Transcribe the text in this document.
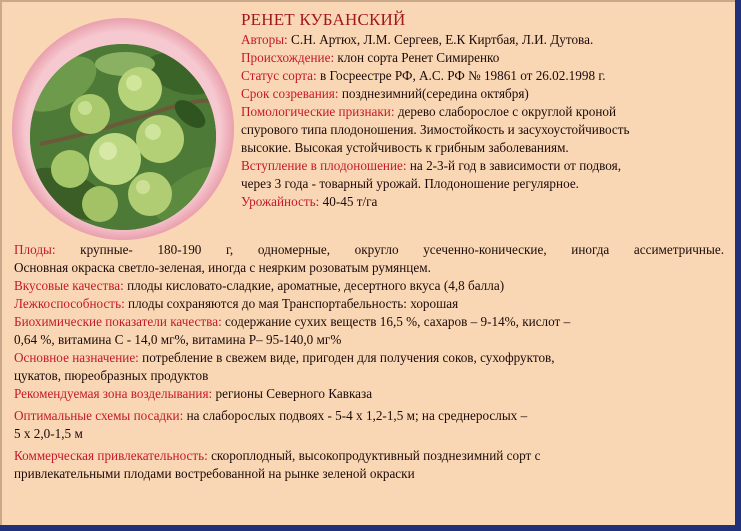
РЕНЕТ КУБАНСКИЙ
Авторы: С.Н. Артюх, Л.М. Сергеев, Е.К Киртбая, Л.И. Дутова.
Происхождение: клон сорта Ренет Симиренко
Статус сорта: в Госреестре РФ, А.С. РФ № 19861 от 26.02.1998 г.
Срок созревания: позднезимний(середина октября)
Помологические признаки: дерево слаборослое с округлой кроной
спурового типа плодоношения. Зимостойкость и засухоустойчивость
высокие. Высокая устойчивость к грибным заболеваниям.
Вступление в плодоношение: на 2-3-й год в зависимости от подвоя,
через 3 года - товарный урожай. Плодоношение регулярное.
Урожайность: 40-45 т/га
Плоды: крупные- 180-190 г, одномерные, округло усеченно-конические, иногда ассиметричные.
Основная окраска светло-зеленая, иногда с неярким розоватым румянцем.
Вкусовые качества: плоды кисловато-сладкие, ароматные, десертного вкуса (4,8 балла)
Лежкоспособность: плоды сохраняются до мая Транспортабельность: хорошая
Биохимические показатели качества: содержание сухих веществ 16,5 %, сахаров – 9-14%, кислот –
0,64 %, витамина С - 14,0 мг%, витамина Р– 95-140,0 мг%
Основное назначение: потребление в свежем виде, пригоден для получения соков, сухофруктов,
цукатов, пюреобразных продуктов
Рекомендуемая зона возделывания: регионы Северного Кавказа
Оптимальные схемы посадки: на слаборослых подвоях - 5-4 х 1,2-1,5 м; на среднерослых –
5 х 2,0-1,5 м
Коммерческая привлекательность: скороплодный, высокопродуктивный позднезимний сорт с
привлекательными плодами востребованной на рынке зеленой окраски
